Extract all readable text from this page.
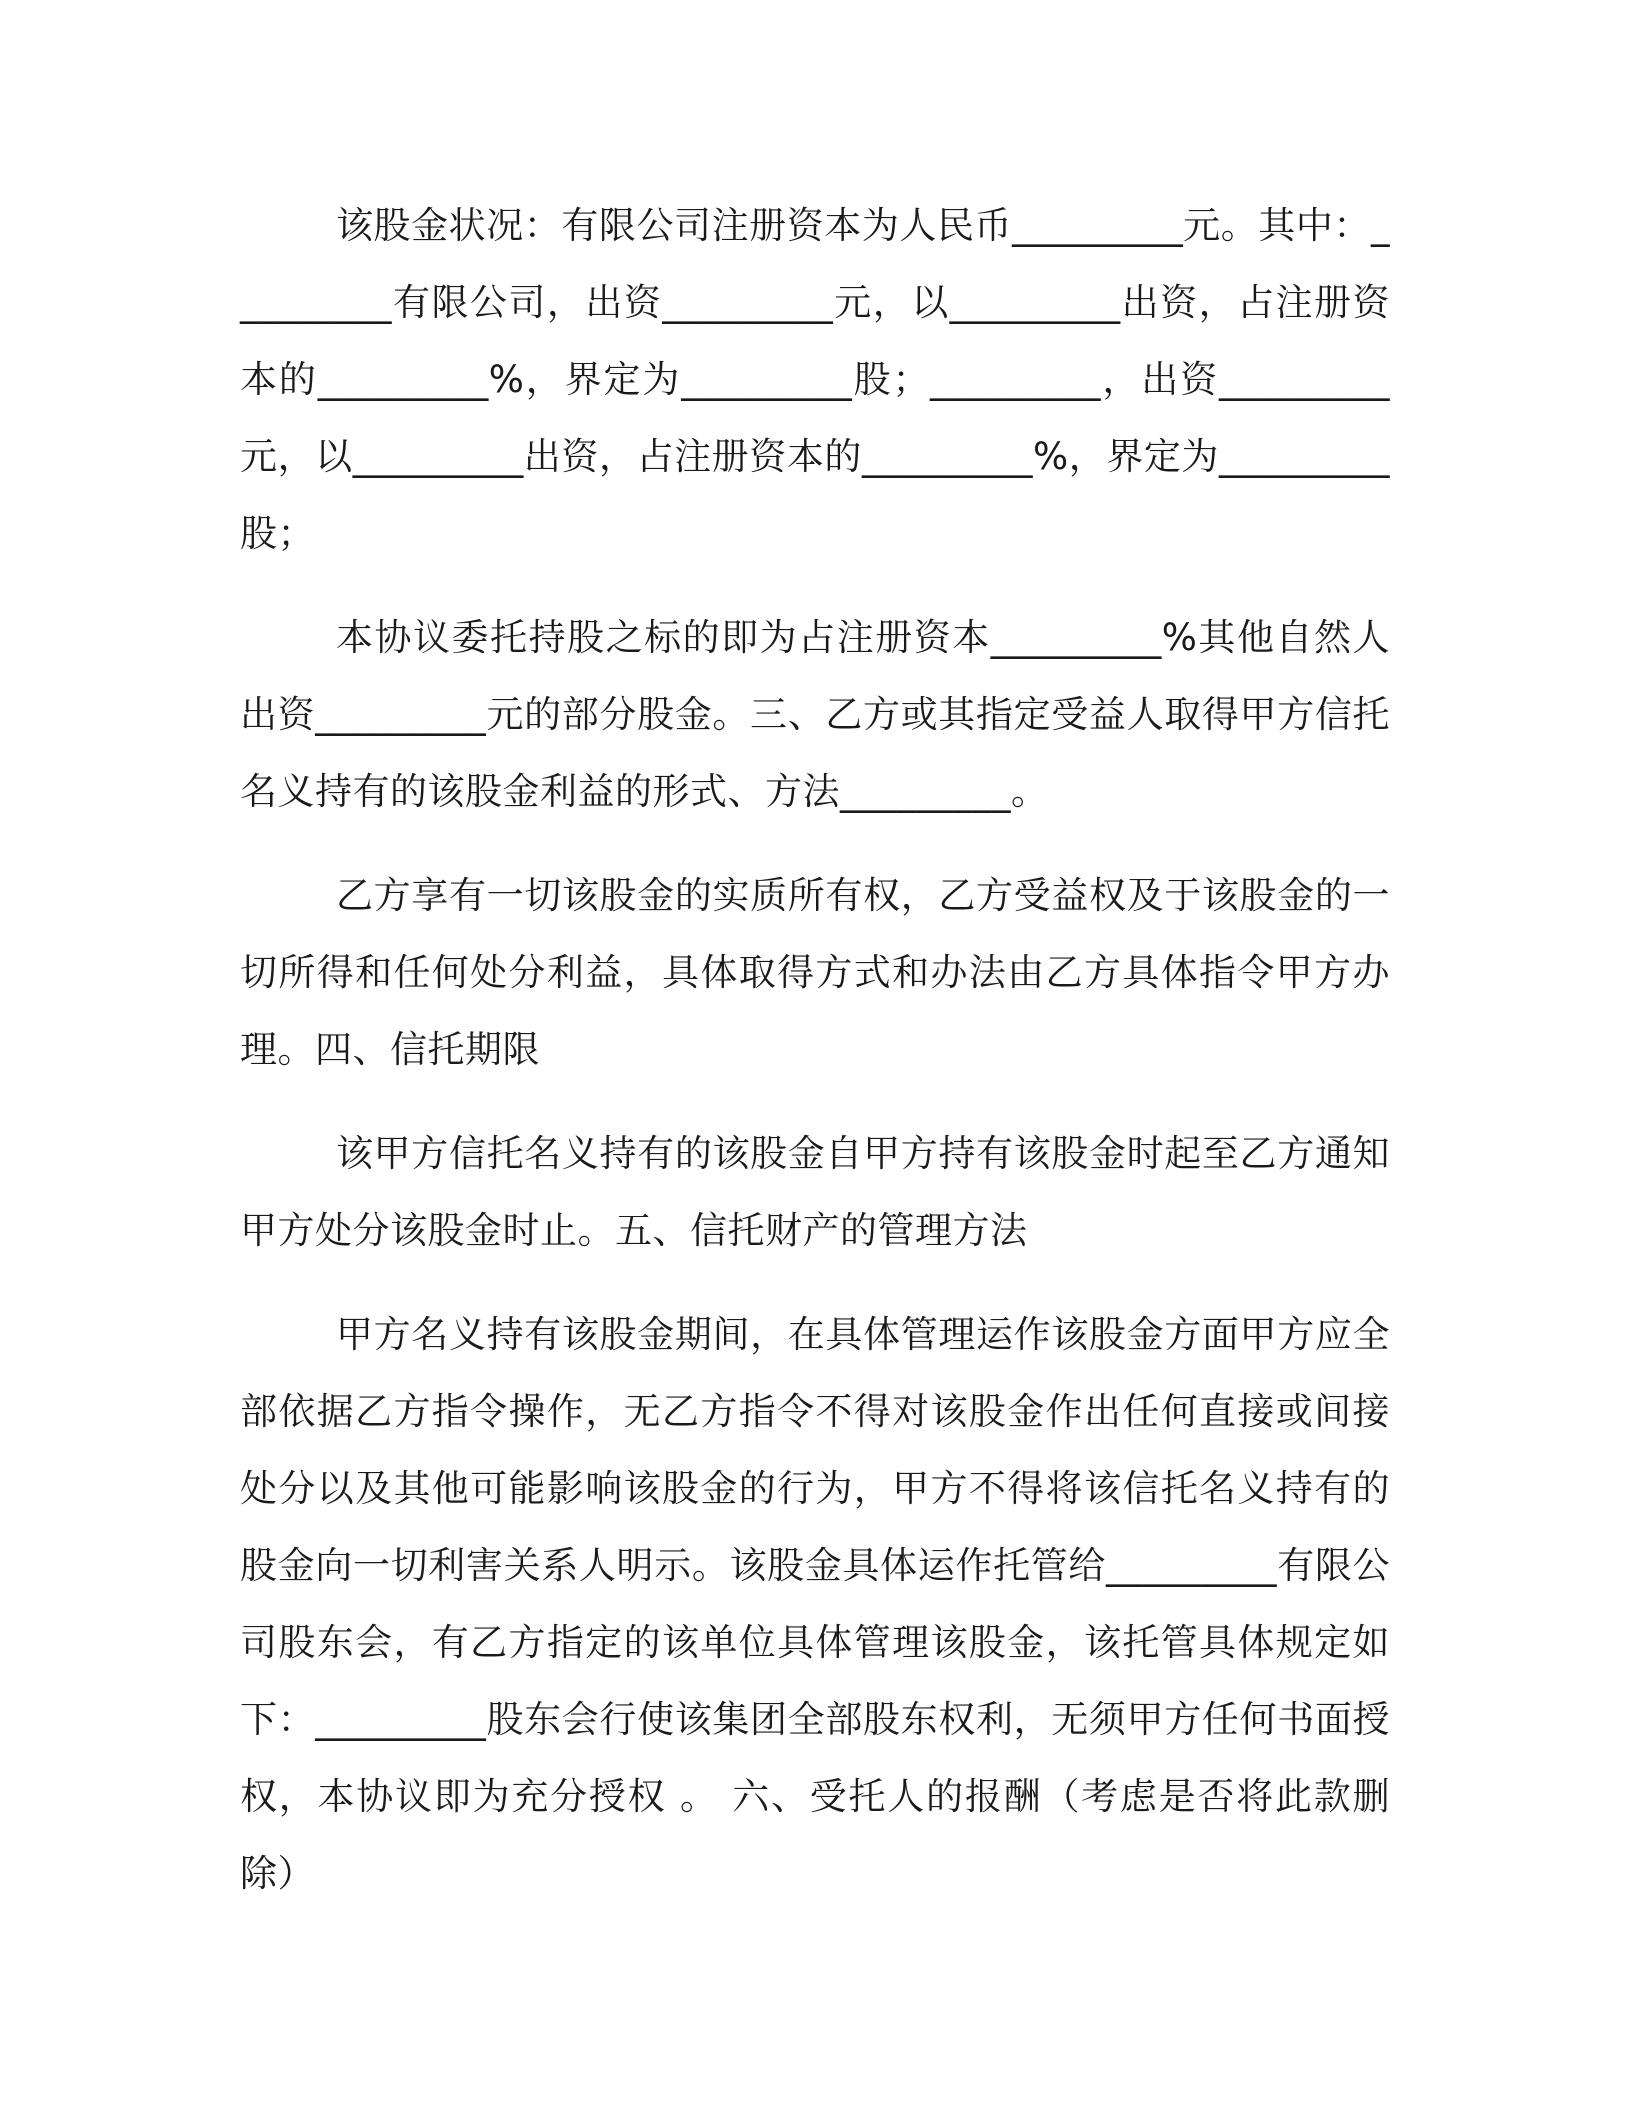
该股金状况：有限公司注册资本为人民币_________元。其中：_________有限公司，出资_________元，以_________出资，占注册资本的_________%，界定为_________股；_________，出资_________元，以_________出资，占注册资本的_________%，界定为_________股；

本协议委托持股之标的即为占注册资本_________%其他自然人出资_________元的部分股金。三、乙方或其指定受益人取得甲方信托名义持有的该股金利益的形式、方法_________。

乙方享有一切该股金的实质所有权，乙方受益权及于该股金的一切所得和任何处分利益，具体取得方式和办法由乙方具体指令甲方办理。四、信托期限

该甲方信托名义持有的该股金自甲方持有该股金时起至乙方通知甲方处分该股金时止。五、信托财产的管理方法

甲方名义持有该股金期间，在具体管理运作该股金方面甲方应全部依据乙方指令操作，无乙方指令不得对该股金作出任何直接或间接处分以及其他可能影响该股金的行为，甲方不得将该信托名义持有的股金向一切利害关系人明示。该股金具体运作托管给_________有限公司股东会，有乙方指定的该单位具体管理该股金，该托管具体规定如下：_________股东会行使该集团全部股东权利，无须甲方任何书面授权，本协议即为充分授权 。 六、受托人的报酬（考虑是否将此款删除）
